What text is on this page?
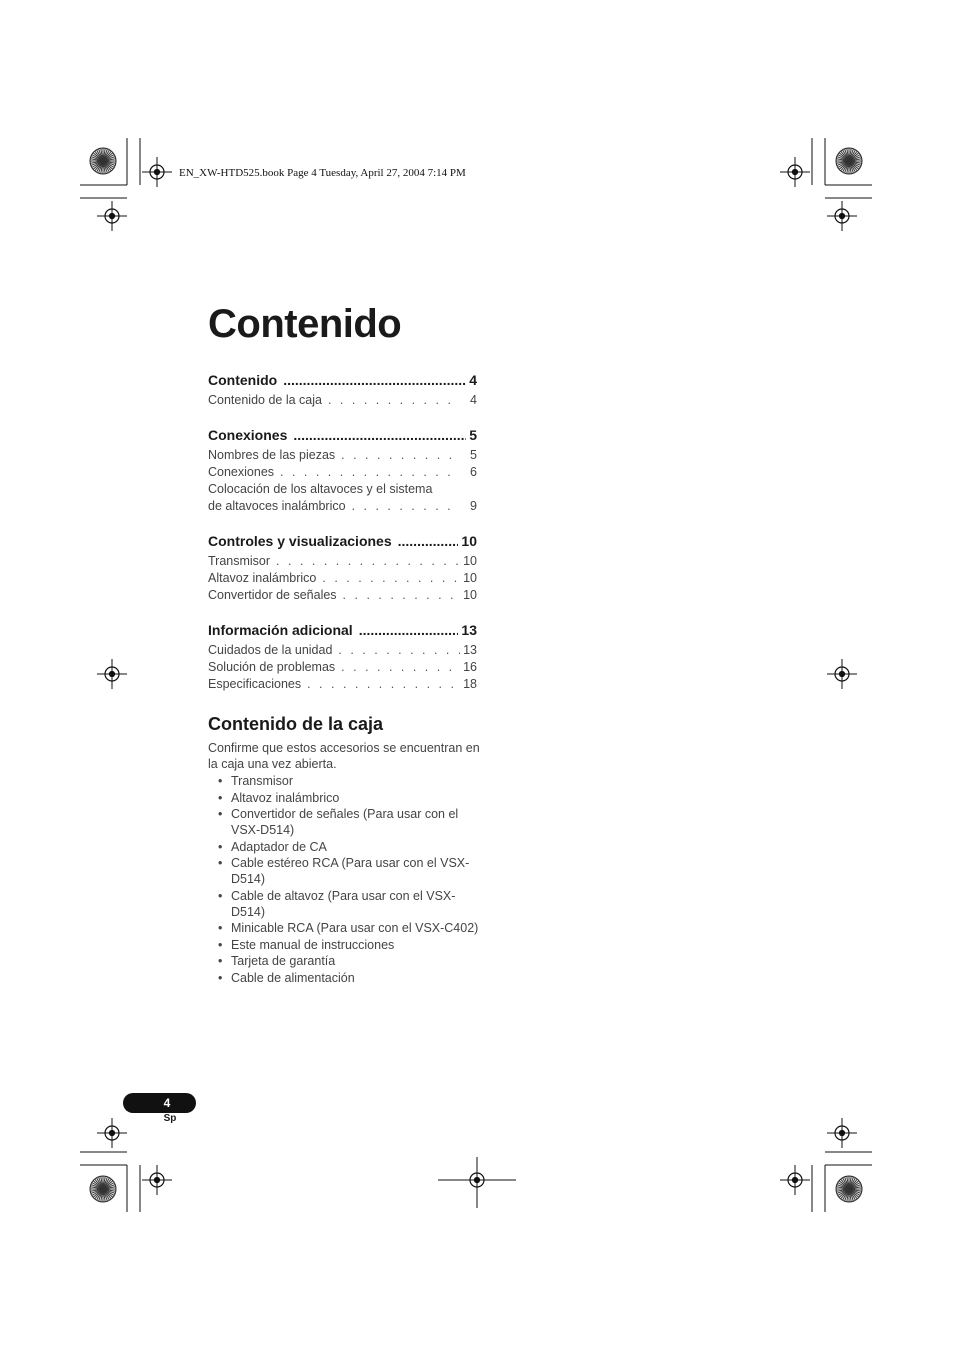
EN_XW-HTD525.book Page 4 Tuesday, April 27, 2004 7:14 PM
Contenido
Contenido .....	4
Contenido de la caja . . .	4
Conexiones .....	5
Nombres de las piezas . . .	5
Conexiones . . .	6
Colocación de los altavoces y el sistema
de altavoces inalámbrico . . .	9
Controles y visualizaciones .....	10
Transmisor . . .	10
Altavoz inalámbrico . . .	10
Convertidor de señales . . .	10
Información adicional .....	13
Cuidados de la unidad . . .	13
Solución de problemas . . .	16
Especificaciones . . .	18
Contenido de la caja

Confirme que estos accesorios se encuentran en la caja una vez abierta.

• Transmisor
• Altavoz inalámbrico
• Convertidor de señales (Para usar con el VSX-D514)
• Adaptador de CA
• Cable estéreo RCA (Para usar con el VSX-D514)
• Cable de altavoz (Para usar con el VSX-D514)
• Minicable RCA (Para usar con el VSX-C402)
• Este manual de instrucciones
• Tarjeta de garantía
• Cable de alimentación
4
Sp
